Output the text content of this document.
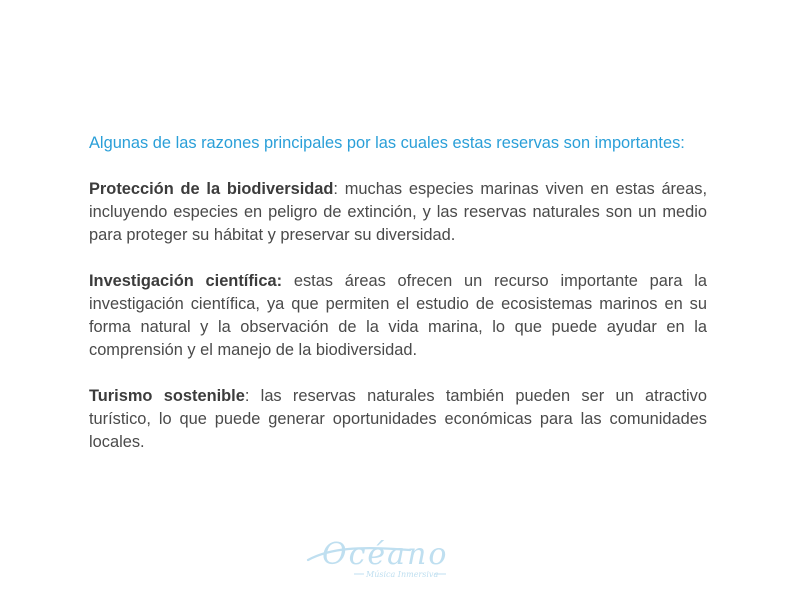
Algunas de las razones principales por las cuales estas reservas son importantes:

Protección de la biodiversidad: muchas especies marinas viven en estas áreas, incluyendo especies en peligro de extinción, y las reservas naturales son un medio para proteger su hábitat y preservar su diversidad.

Investigación científica: estas áreas ofrecen un recurso importante para la investigación científica, ya que permiten el estudio de ecosistemas marinos en su forma natural y la observación de la vida marina, lo que puede ayudar en la comprensión y el manejo de la biodiversidad.

Turismo sostenible: las reservas naturales también pueden ser un atractivo turístico, lo que puede generar oportunidades económicas para las comunidades locales.

Océano
Música Inmersiva
